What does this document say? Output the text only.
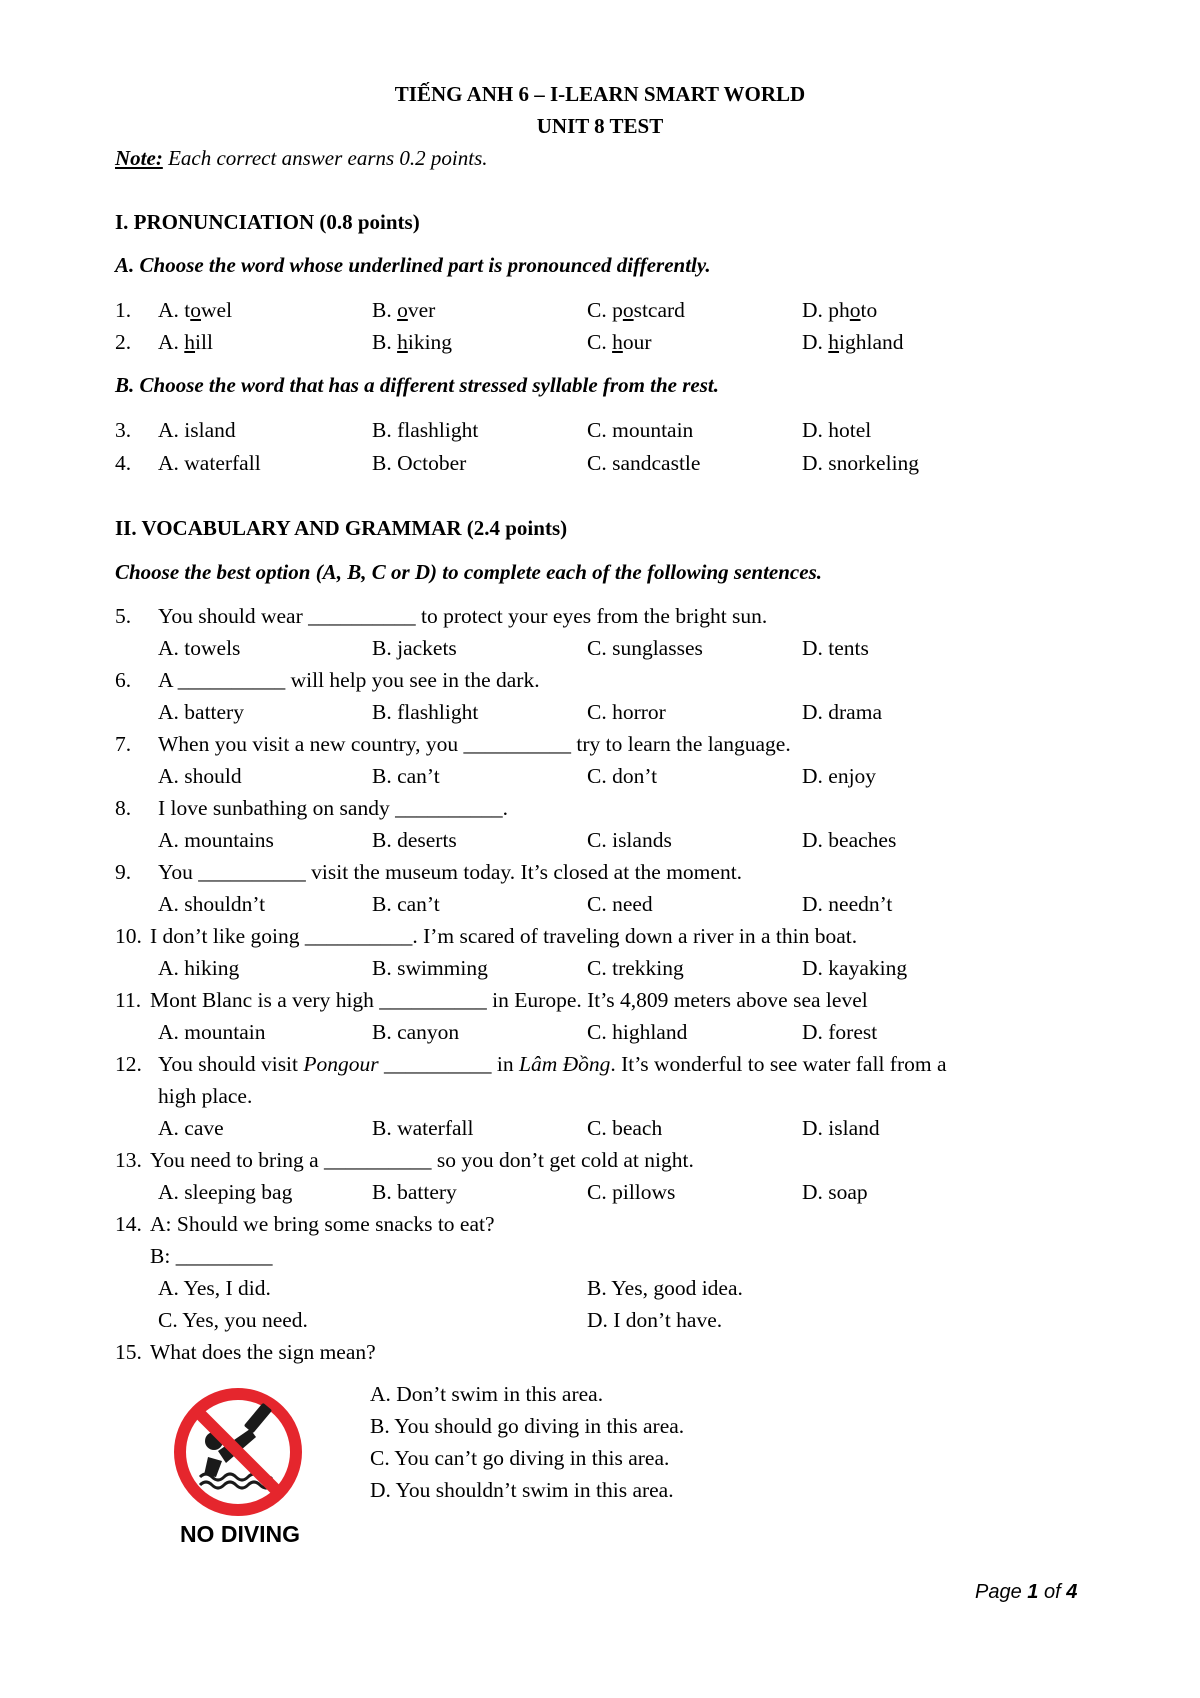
TIẾNG ANH 6 – I-LEARN SMART WORLD
UNIT 8 TEST
Note: Each correct answer earns 0.2 points.
I. PRONUNCIATION (0.8 points)
A. Choose the word whose underlined part is pronounced differently.
1. A. towel	B. over	C. postcard	D. photo
2. A. hill	B. hiking	C. hour	D. highland
B. Choose the word that has a different stressed syllable from the rest.
3. A. island	B. flashlight	C. mountain	D. hotel
4. A. waterfall	B. October	C. sandcastle	D. snorkeling
II. VOCABULARY AND GRAMMAR (2.4 points)
Choose the best option (A, B, C or D) to complete each of the following sentences.
5. You should wear __________ to protect your eyes from the bright sun.
A. towels	B. jackets	C. sunglasses	D. tents
6. A __________ will help you see in the dark.
A. battery	B. flashlight	C. horror	D. drama
7. When you visit a new country, you __________ try to learn the language.
A. should	B. can’t	C. don’t	D. enjoy
8. I love sunbathing on sandy __________.
A. mountains	B. deserts	C. islands	D. beaches
9. You __________ visit the museum today. It’s closed at the moment.
A. shouldn’t	B. can’t	C. need	D. needn’t
10. I don’t like going __________. I’m scared of traveling down a river in a thin boat.
A. hiking	B. swimming	C. trekking	D. kayaking
11. Mont Blanc is a very high __________ in Europe. It’s 4,809 meters above sea level
A. mountain	B. canyon	C. highland	D. forest
12. You should visit Pongour __________ in Lâm Đồng. It’s wonderful to see water fall from a
high place.
A. cave	B. waterfall	C. beach	D. island
13. You need to bring a __________ so you don’t get cold at night.
A. sleeping bag	B. battery	C. pillows	D. soap
14. A: Should we bring some snacks to eat?
B: _________
A. Yes, I did.	B. Yes, good idea.
C. Yes, you need.	D. I don’t have.
15. What does the sign mean?
A. Don’t swim in this area.
B. You should go diving in this area.
C. You can’t go diving in this area.
D. You shouldn’t swim in this area.
NO DIVING
Page 1 of 4
